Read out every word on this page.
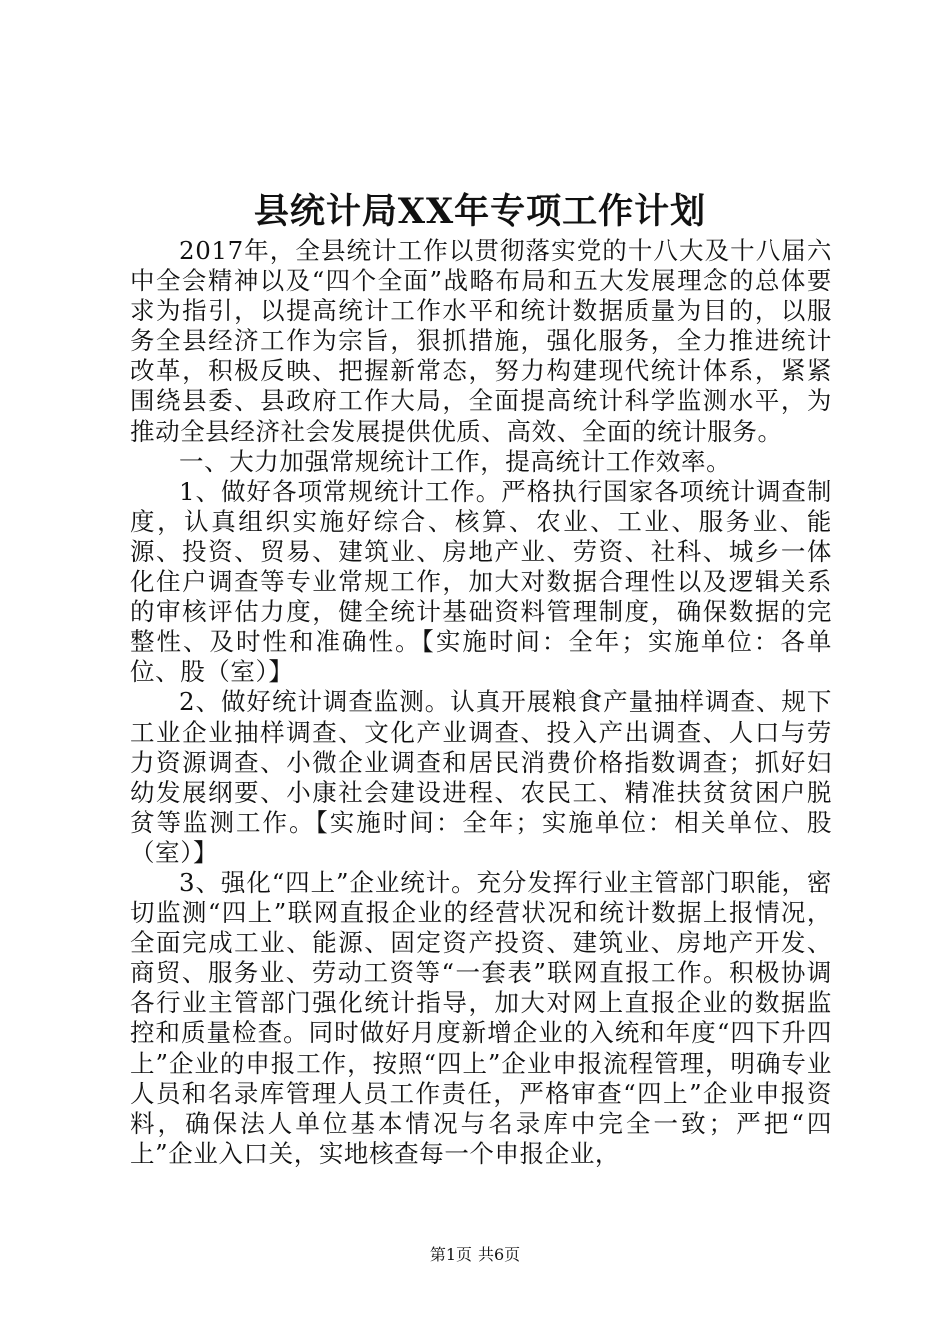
县统计局XX年专项工作计划

2017年，全县统计工作以贯彻落实党的十八大及十八届六中全会精神以及“四个全面”战略布局和五大发展理念的总体要求为指引，以提高统计工作水平和统计数据质量为目的，以服务全县经济工作为宗旨，狠抓措施，强化服务，全力推进统计改革，积极反映、把握新常态，努力构建现代统计体系，紧紧围绕县委、县政府工作大局，全面提高统计科学监测水平，为推动全县经济社会发展提供优质、高效、全面的统计服务。

一、大力加强常规统计工作，提高统计工作效率。

1、做好各项常规统计工作。严格执行国家各项统计调查制度，认真组织实施好综合、核算、农业、工业、服务业、能源、投资、贸易、建筑业、房地产业、劳资、社科、城乡一体化住户调查等专业常规工作，加大对数据合理性以及逻辑关系的审核评估力度，健全统计基础资料管理制度，确保数据的完整性、及时性和准确性。【实施时间：全年；实施单位：各单位、股（室）】

2、做好统计调查监测。认真开展粮食产量抽样调查、规下工业企业抽样调查、文化产业调查、投入产出调查、人口与劳力资源调查、小微企业调查和居民消费价格指数调查；抓好妇幼发展纲要、小康社会建设进程、农民工、精准扶贫贫困户脱贫等监测工作。【实施时间：全年；实施单位：相关单位、股（室）】

3、强化“四上”企业统计。充分发挥行业主管部门职能，密切监测“四上”联网直报企业的经营状况和统计数据上报情况，全面完成工业、能源、固定资产投资、建筑业、房地产开发、商贸、服务业、劳动工资等“一套表”联网直报工作。积极协调各行业主管部门强化统计指导，加大对网上直报企业的数据监控和质量检查。同时做好月度新增企业的入统和年度“四下升四上”企业的申报工作，按照“四上”企业申报流程管理，明确专业人员和名录库管理人员工作责任，严格审查“四上”企业申报资料，确保法人单位基本情况与名录库中完全一致；严把“四上”企业入口关，实地核查每一个申报企业，

第1页 共6页
